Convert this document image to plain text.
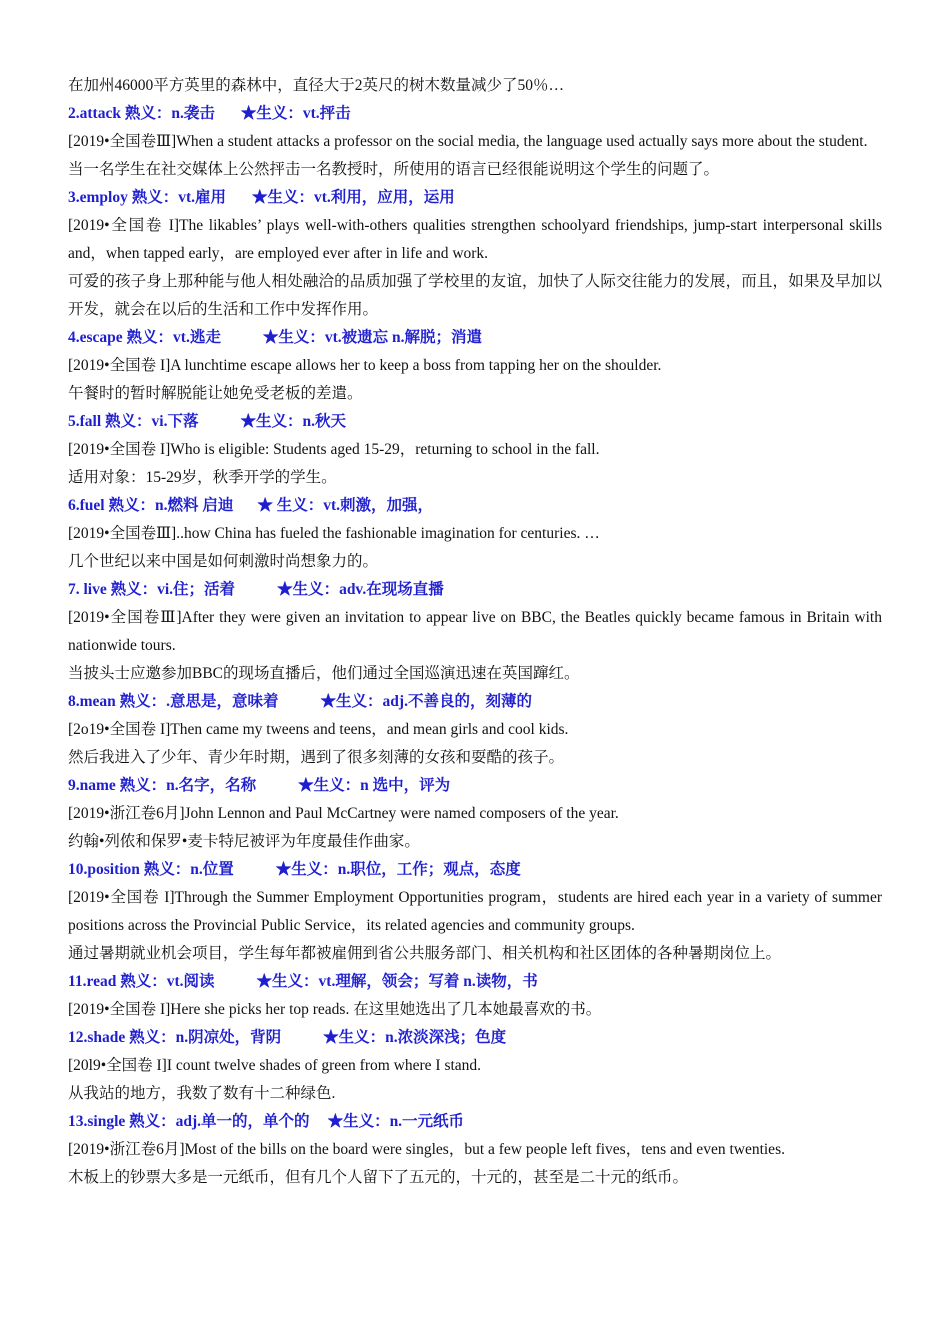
在加州46000平方英里的森林中，直径大于2英尺的树木数量减少了50％…

2.attack 熟义：n.袭击 ★生义：vt.抨击

[2019•全国卷Ⅲ]When a student attacks a professor on the social media, the language used actually says more about the student.

当一名学生在社交媒体上公然抨击一名教授时，所使用的语言已经很能说明这个学生的问题了。

3.employ 熟义：vt.雇用 ★生义：vt.利用，应用，运用

[2019•全国卷 I]The likables’ plays well-with-others qualities strengthen schoolyard friendships, jump-start interpersonal skills and，when tapped early，are employed ever after in life and work.

可爱的孩子身上那种能与他人相处融洽的品质加强了学校里的友谊，加快了人际交往能力的发展，而且，如果及早加以开发，就会在以后的生活和工作中发挥作用。

4.escape 熟义：vt.逃走	★生义：vt.被遗忘 n.解脱；消遣

[2019•全国卷 I]A lunchtime escape allows her to keep a boss from tapping her on the shoulder.

午餐时的暂时解脱能让她免受老板的差遣。

5.fall 熟义：vi.下落	★生义：n.秋天

[2019•全国卷 I]Who is eligible: Students aged 15-29，returning to school in the fall.

适用对象：15-29岁，秋季开学的学生。

6.fuel 熟义：n.燃料 启迪 ★ 生义：vt.刺激，加强，

[2019•全国卷Ⅲ]..how China has fueled the fashionable imagination for centuries. …

几个世纪以来中国是如何刺激时尚想象力的。

7. live 熟义：vi.住；活着	★生义：adv.在现场直播

[2019•全国卷Ⅲ]After they were given an invitation to appear live on BBC, the Beatles quickly became famous in Britain with nationwide tours.

当披头士应邀参加BBC的现场直播后，他们通过全国巡演迅速在英国蹿红。

8.mean 熟义：.意思是，意味着	★生义：adj.不善良的，刻薄的

[2o19•全国卷 I]Then came my tweens and teens，and mean girls and cool kids.

然后我进入了少年、青少年时期，遇到了很多刻薄的女孩和耍酷的孩子。

9.name 熟义：n.名字，名称	★生义：n 选中，评为

[2019•浙江卷6月]John Lennon and Paul McCartney were named composers of the year.

约翰•列侬和保罗•麦卡特尼被评为年度最佳作曲家。

10.position 熟义：n.位置	★生义：n.职位，工作；观点，态度

[2019•全国卷 I]Through the Summer Employment Opportunities program，students are hired each year in a variety of summer positions across the Provincial Public Service，its related agencies and community groups.

通过暑期就业机会项目，学生每年都被雇佣到省公共服务部门、相关机构和社区团体的各种暑期岗位上。

11.read 熟义：vt.阅读	★生义：vt.理解，领会；写着 n.读物，书

[2019•全国卷 I]Here she picks her top reads. 在这里她选出了几本她最喜欢的书。

12.shade 熟义：n.阴凉处，背阴	★生义：n.浓淡深浅；色度

[20l9•全国卷 I]I count twelve shades of green from where I stand.

从我站的地方，我数了数有十二种绿色.

13.single 熟义：adj.单一的，单个的 ★生义：n.一元纸币

[2019•浙江卷6月]Most of the bills on the board were singles，but a few people left fives，tens and even twenties.

木板上的钞票大多是一元纸币，但有几个人留下了五元的，十元的，甚至是二十元的纸币。
